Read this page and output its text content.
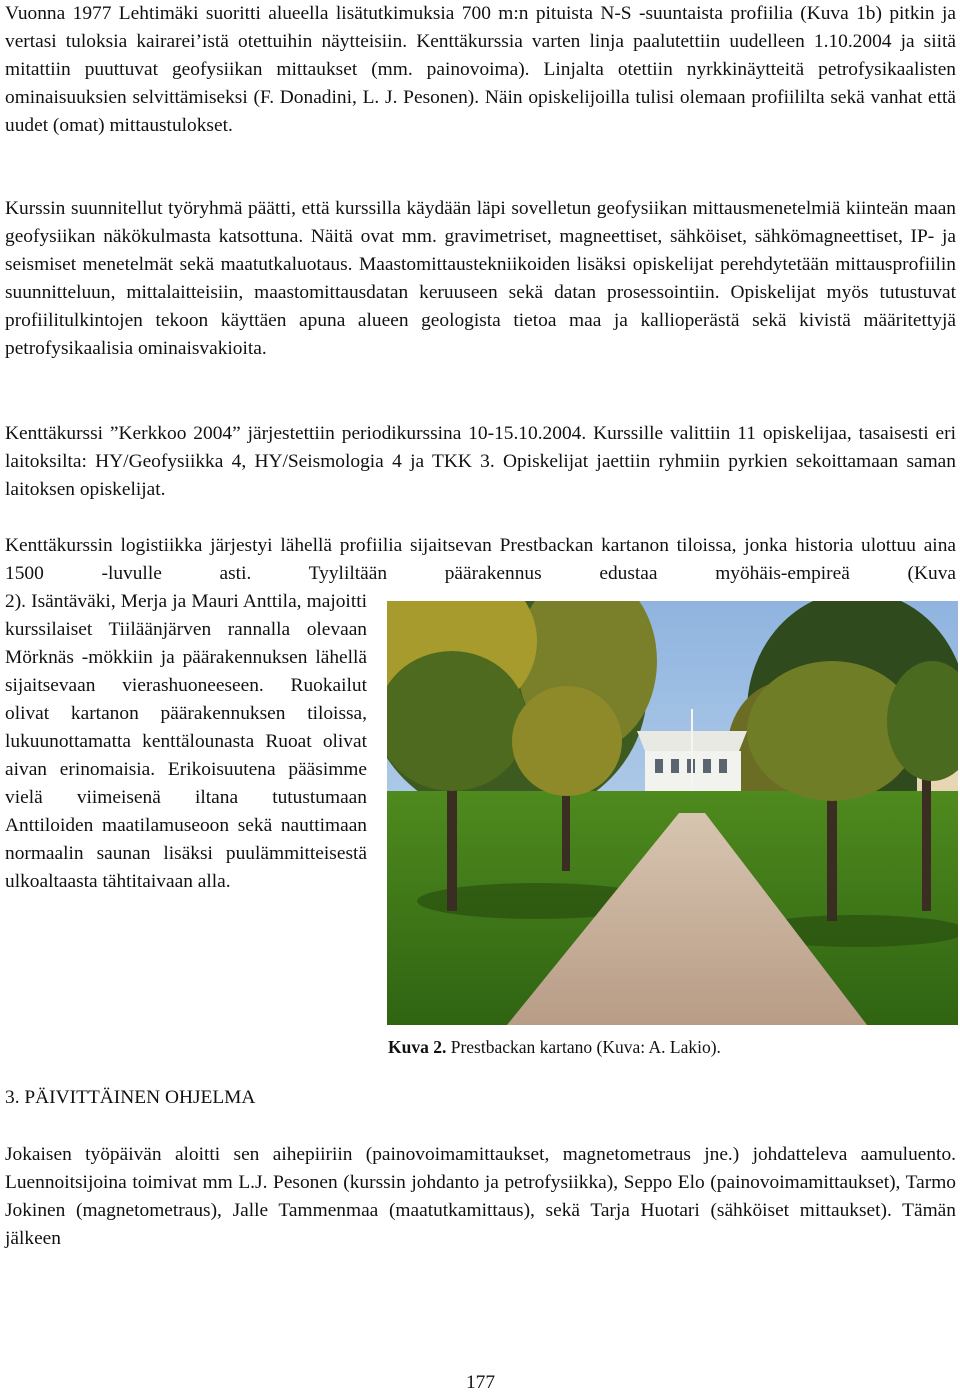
Vuonna 1977 Lehtimäki suoritti alueella lisätutkimuksia 700 m:n pituista N-S -suuntaista profiilia (Kuva 1b) pitkin ja vertasi tuloksia kairarei’istä otettuihin näytteisiin. Kenttäkurssia varten linja paalutettiin uudelleen 1.10.2004 ja siitä mitattiin puuttuvat geofysiikan mittaukset (mm. painovoima). Linjalta otettiin nyrkkinäytteitä petrofysikaalisten ominaisuuksien selvittämiseksi (F. Donadini, L. J. Pesonen). Näin opiskelijoilla tulisi olemaan profiililta sekä vanhat että uudet (omat) mittaustulokset.

Kurssin suunnitellut työryhmä päätti, että kurssilla käydään läpi sovelletun geofysiikan mittausmenetelmiä kiinteän maan geofysiikan näkökulmasta katsottuna. Näitä ovat mm. gravimetriset, magneettiset, sähköiset, sähkömagneettiset, IP- ja seismiset menetelmät sekä maatutkaluotaus. Maastomittaustekniikoiden lisäksi opiskelijat perehdytetään mittausprofiilin suunnitteluun, mittalaitteisiin, maastomittausdatan keruuseen sekä datan prosessointiin. Opiskelijat myös tutustuvat profiilitulkintojen tekoon käyttäen apuna alueen geologista tietoa maa ja kallioperästä sekä kivistä määritettyjä petrofysikaalisia ominaisvakioita.

Kenttäkurssi ”Kerkkoo 2004” järjestettiin periodikurssina 10-15.10.2004. Kurssille valittiin 11 opiskelijaa, tasaisesti eri laitoksilta: HY/Geofysiikka 4, HY/Seismologia 4 ja TKK 3. Opiskelijat jaettiin ryhmiin pyrkien sekoittamaan saman laitoksen opiskelijat.

Kenttäkurssin logistiikka järjestyi lähellä profiilia sijaitsevan Prestbackan kartanon tiloissa, jonka historia ulottuu aina 1500 -luvulle asti. Tyyliltään päärakennus edustaa myöhäis-empireä (Kuva

2). Isäntäväki, Merja ja Mauri Anttila, majoitti kurssilaiset Tiiläänjärven rannalla olevaan Mörknäs -mökkiin ja päärakennuksen lähellä sijaitsevaan vierashuoneeseen. Ruokailut olivat kartanon päärakennuksen tiloissa, lukuunottamatta kenttälounasta Ruoat olivat aivan erinomaisia. Erikoisuutena pääsimme vielä viimeisenä iltana tutustumaan Anttiloiden maatilamuseoon sekä nauttimaan normaalin saunan lisäksi puulämmitteisestä ulkoaltaasta tähtitaivaan alla.

Kuva 2. Prestbackan kartano (Kuva: A. Lakio).
3. PÄIVITTÄINEN OHJELMA

Jokaisen työpäivän aloitti sen aihepiiriin (painovoimamittaukset, magnetometraus jne.) johdatteleva aamuluento. Luennoitsijoina toimivat mm L.J. Pesonen (kurssin johdanto ja petrofysiikka), Seppo Elo (painovoimamittaukset), Tarmo Jokinen (magnetometraus), Jalle Tammenmaa (maatutkamittaus), sekä Tarja Huotari (sähköiset mittaukset). Tämän jälkeen

177
